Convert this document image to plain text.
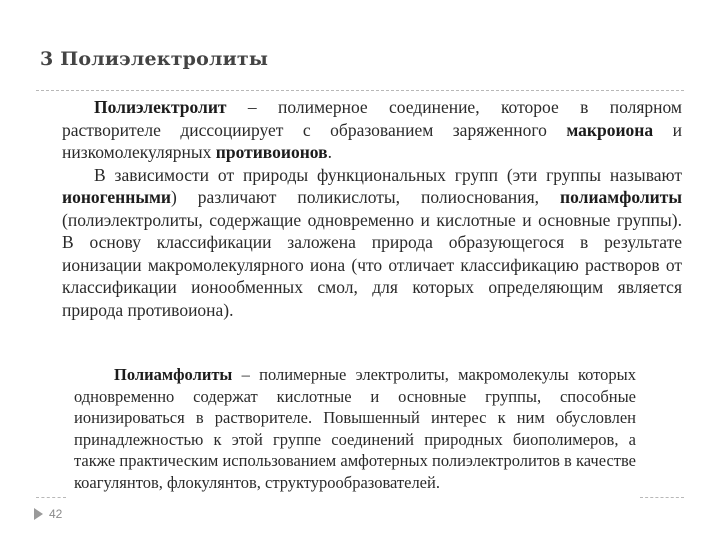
3 Полиэлектролиты

Полиэлектролит – полимерное соединение, которое в полярном растворителе диссоциирует с образованием заряженного макроиона и низкомолекулярных противоионов.

В зависимости от природы функциональных групп (эти группы называют ионогенными) различают поликислоты, полиоснования, полиамфолиты (полиэлектролиты, содержащие одновременно и кислотные и основные группы). В основу классификации заложена природа образующегося в результате ионизации макромолекулярного иона (что отличает классификацию растворов от классификации ионообменных смол, для которых определяющим является природа противоиона).

Полиамфолиты – полимерные электролиты, макромолекулы которых одновременно содержат кислотные и основные группы, способные ионизироваться в растворителе. Повышенный интерес к ним обусловлен принадлежностью к этой группе соединений природных биополимеров, а также практическим использованием амфотерных полиэлектролитов в качестве коагулянтов, флокулянтов, структурообразователей.

42
